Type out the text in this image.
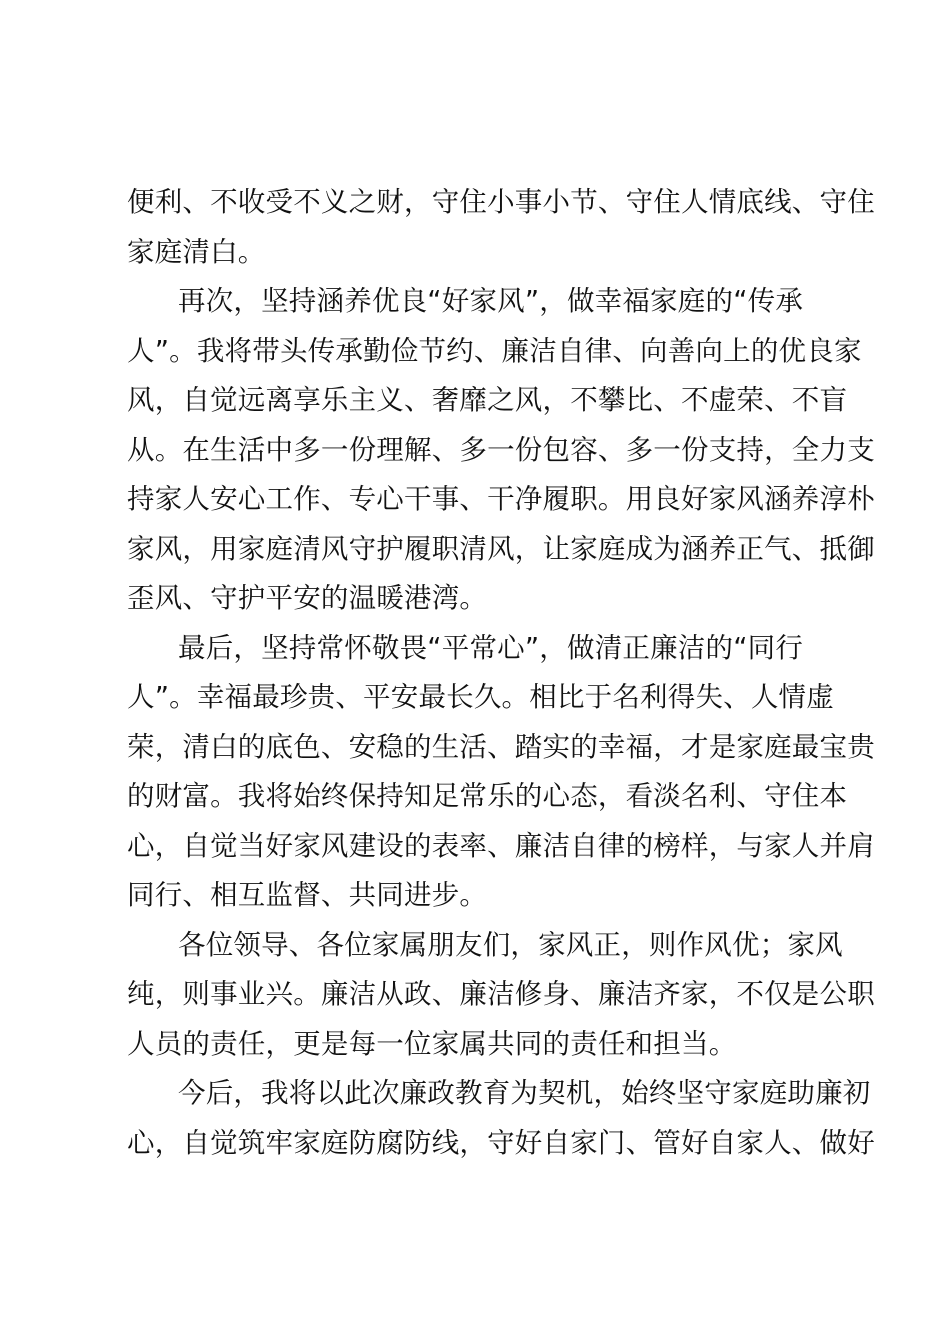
便利、不收受不义之财，守住小事小节、守住人情底线、守住
家庭清白。
再次，坚持涵养优良“好家风”，做幸福家庭的“传承
人”。我将带头传承勤俭节约、廉洁自律、向善向上的优良家
风，自觉远离享乐主义、奢靡之风，不攀比、不虚荣、不盲
从。在生活中多一份理解、多一份包容、多一份支持，全力支
持家人安心工作、专心干事、干净履职。用良好家风涵养淳朴
家风，用家庭清风守护履职清风，让家庭成为涵养正气、抵御
歪风、守护平安的温暖港湾。
最后，坚持常怀敬畏“平常心”，做清正廉洁的“同行
人”。幸福最珍贵、平安最长久。相比于名利得失、人情虚
荣，清白的底色、安稳的生活、踏实的幸福，才是家庭最宝贵
的财富。我将始终保持知足常乐的心态，看淡名利、守住本
心，自觉当好家风建设的表率、廉洁自律的榜样，与家人并肩
同行、相互监督、共同进步。
各位领导、各位家属朋友们，家风正，则作风优；家风
纯，则事业兴。廉洁从政、廉洁修身、廉洁齐家，不仅是公职
人员的责任，更是每一位家属共同的责任和担当。
今后，我将以此次廉政教育为契机，始终坚守家庭助廉初
心，自觉筑牢家庭防腐防线，守好自家门、管好自家人、做好
